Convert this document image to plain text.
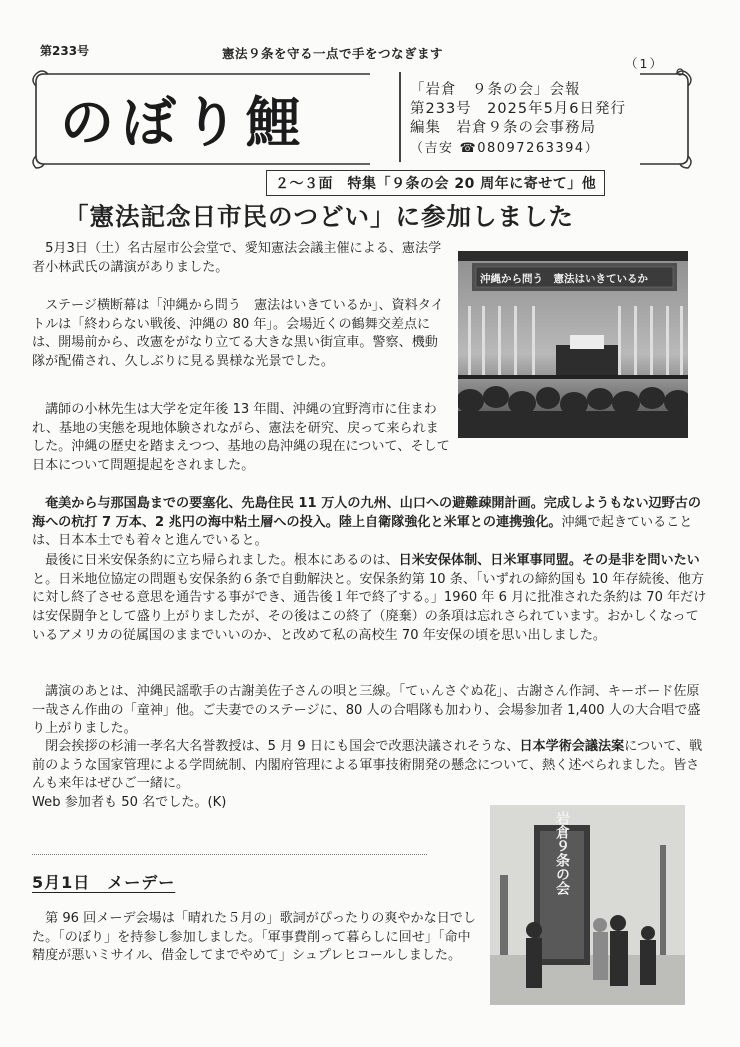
第233号	憲法９条を守る一点で手をつなぎます
（1）
のぼり鯉	「岩倉　９条の会」会報
第233号　2025年5月6日発行
編集　岩倉９条の会事務局
（吉安 ☎08097263394）
２～３面　特集「９条の会 20 周年に寄せて」他
「憲法記念日市民のつどい」に参加しました
沖縄から問う　憲法はいきているか

5月3日（土）名古屋市公会堂で、愛知憲法会議主催による、憲法学者小林武氏の講演がありました。

ステージ横断幕は「沖縄から問う　憲法はいきているか」、資料タイトルは「終わらない戦後、沖縄の 80 年」。会場近くの鶴舞交差点には、開場前から、改憲をがなり立てる大きな黒い街宣車。警察、機動隊が配備され、久しぶりに見る異様な光景でした。

講師の小林先生は大学を定年後 13 年間、沖縄の宜野湾市に住まわれ、基地の実態を現地体験されながら、憲法を研究、戻って来られました。沖縄の歴史を踏まえつつ、基地の島沖縄の現在について、そして日本について問題提起をされました。

奄美から与那国島までの要塞化、先島住民 11 万人の九州、山口への避難疎開計画。完成しようもない辺野古の海への杭打 7 万本、2 兆円の海中粘土層への投入。陸上自衛隊強化と米軍との連携強化。沖縄で起きていることは、日本本土でも着々と進んでいると。

最後に日米安保条約に立ち帰られました。根本にあるのは、日米安保体制、日米軍事同盟。その是非を問いたいと。日米地位協定の問題も安保条約６条で自動解決と。安保条約第 10 条、「いずれの締約国も 10 年存続後、他方に対し終了させる意思を通告する事ができ、通告後１年で終了する。」1960 年 6 月に批准された条約は 70 年だけは安保闘争として盛り上がりましたが、その後はこの終了（廃棄）の条項は忘れさられています。おかしくなっているアメリカの従属国のままでいいのか、と改めて私の高校生 70 年安保の頃を思い出しました。

講演のあとは、沖縄民謡歌手の古謝美佐子さんの唄と三線。「てぃんさぐぬ花」、古謝さん作詞、キーボード佐原一哉さん作曲の「童神」他。ご夫妻でのステージに、80 人の合唱隊も加わり、会場参加者 1,400 人の大合唱で盛り上がりました。

閉会挨拶の杉浦一孝名大名誉教授は、5 月 9 日にも国会で改悪決議されそうな、日本学術会議法案について、戦前のような国家管理による学問統制、内閣府管理による軍事技術開発の懸念について、熱く述べられました。皆さんも来年はぜひご一緒に。
Web 参加者も 50 名でした。(K)

5月1日　メーデー

第 96 回メーデ会場は「晴れた５月の」歌詞がぴったりの爽やかな日でした。「のぼり」を持参し参加しました。「軍事費削って暮らしに回せ」「命中精度が悪いミサイル、借金してまでやめて」シュプレヒコールしました。

岩倉９条の会
